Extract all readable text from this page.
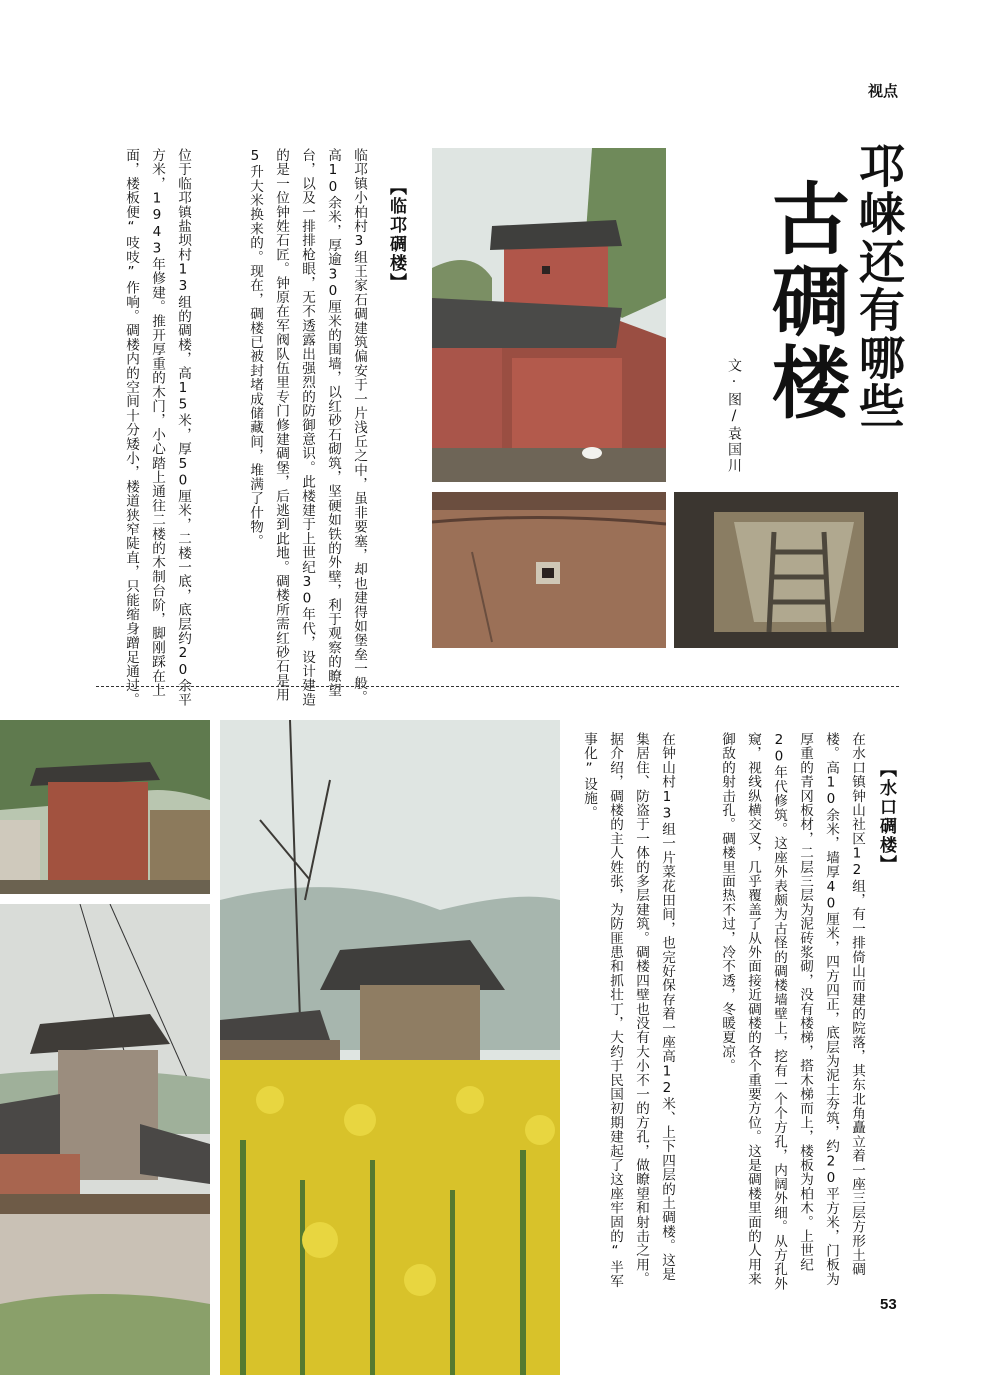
视点
邛崃还有哪些
古碉楼
文·图/袁国川
【临邛碉楼】
临邛镇小柏村3组王家石碉建筑偏安于一片浅丘之中，虽非要塞，却也建得如堡垒一般。高10余米，厚逾30厘米的围墙，以红砂石砌筑，坚硬如铁的外壁，利于观察的瞭望台，以及一排排枪眼，无不透露出强烈的防御意识。此楼建于上世纪30年代，设计建造的是一位钟姓石匠。钟原在军阀队伍里专门修建碉堡，后逃到此地。碉楼所需红砂石是用5升大米换来的。现在，碉楼已被封堵成储藏间，堆满了什物。
位于临邛镇盐坝村13组的碉楼，高15米，厚50厘米，二楼一底，底层约20余平方米，1943年修建。推开厚重的木门，小心踏上通往二楼的木制台阶，脚刚踩在上面，楼板便“吱吱”作响。碉楼内的空间十分矮小，楼道狭窄陡直，只能缩身蹭足通过。
【水口碉楼】
在水口镇钟山社区12组，有一排倚山而建的院落，其东北角矗立着一座三层方形土碉楼。高10余米，墙厚40厘米，四方四正，底层为泥土夯筑，约20平方米，门板为厚重的青冈板材，二层三层为泥砖浆砌，没有楼梯，搭木梯而上，楼板为柏木。上世纪20年代修筑。这座外表颇为古怪的碉楼墙壁上，挖有一个个方孔，内阔外细。从方孔外窥，视线纵横交叉，几乎覆盖了从外面接近碉楼的各个重要方位。这是碉楼里面的人用来御敌的射击孔。碉楼里面热不过，冷不透，冬暖夏凉。
在钟山村13组一片菜花田间，也完好保存着一座高12米、上下四层的土碉楼。这是集居住、防盗于一体的多层建筑。碉楼四壁也没有大小不一的方孔，做瞭望和射击之用。据介绍，碉楼的主人姓张，为防匪患和抓壮丁，大约于民国初期建起了这座牢固的“半军事化”设施。
53
